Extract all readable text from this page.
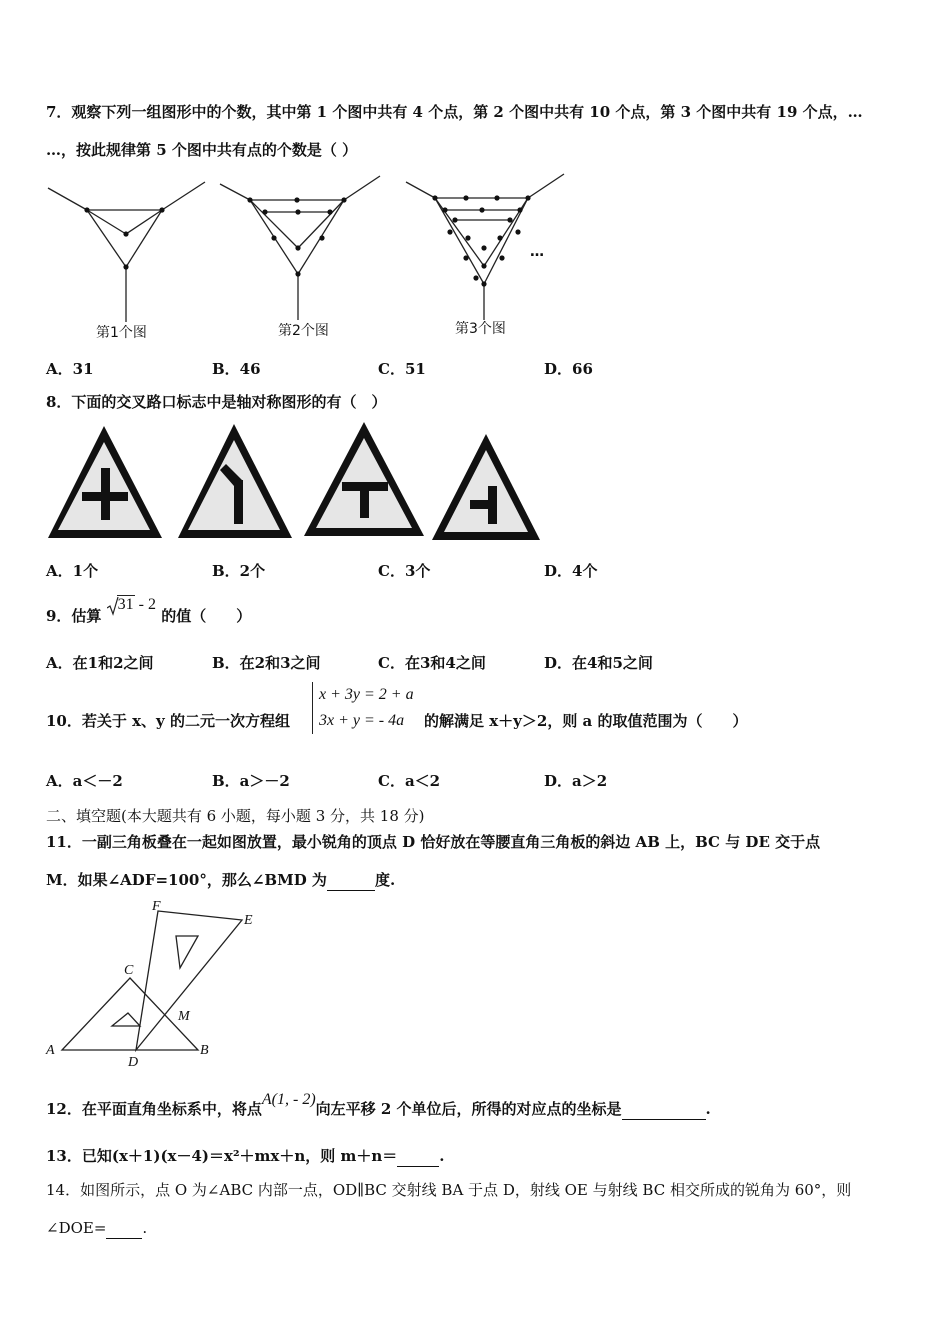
7．观察下列一组图形中的个数，其中第 1 个图中共有 4 个点，第 2 个图中共有 10 个点，第 3 个图中共有 19 个点，…
…，按此规律第 5 个图中共有点的个数是（ ）
第1个图	第2个图	第3个图
…
A．31	B．46	C．51	D．66
8．下面的交叉路口标志中是轴对称图形的有（　）
A．1个	B．2个	C．3个	D．4个
9．估算
31 - 2 的值（　　）
A．在1和2之间	B．在2和3之间	C．在3和4之间	D．在4和5之间
10．若关于 x、y 的二元一次方程组
x + 3y = 2 + a
3x + y = - 4a	的解满足 x＋y＞2，则 a 的取值范围为（　　）
A．a＜－2	B．a＞－2	C．a＜2	D．a＞2
二、填空题(本大题共有 6 小题，每小题 3 分，共 18 分)
11．一副三角板叠在一起如图放置，最小锐角的顶点 D 恰好放在等腰直角三角板的斜边 AB 上，BC 与 DE 交于点
M．如果∠ADF=100°，那么∠BMD 为	度.
F
E
C
M
A
D
B
12．在平面直角坐标系中，将点A(1, - 2)向左平移 2 个单位后，所得的对应点的坐标是	.
13．已知(x＋1)(x－4)＝x²＋mx＋n，则 m＋n＝	.
14．如图所示，点 O 为∠ABC 内部一点，OD∥BC 交射线 BA 于点 D，射线 OE 与射线 BC 相交所成的锐角为 60°，则
∠DOE= .
